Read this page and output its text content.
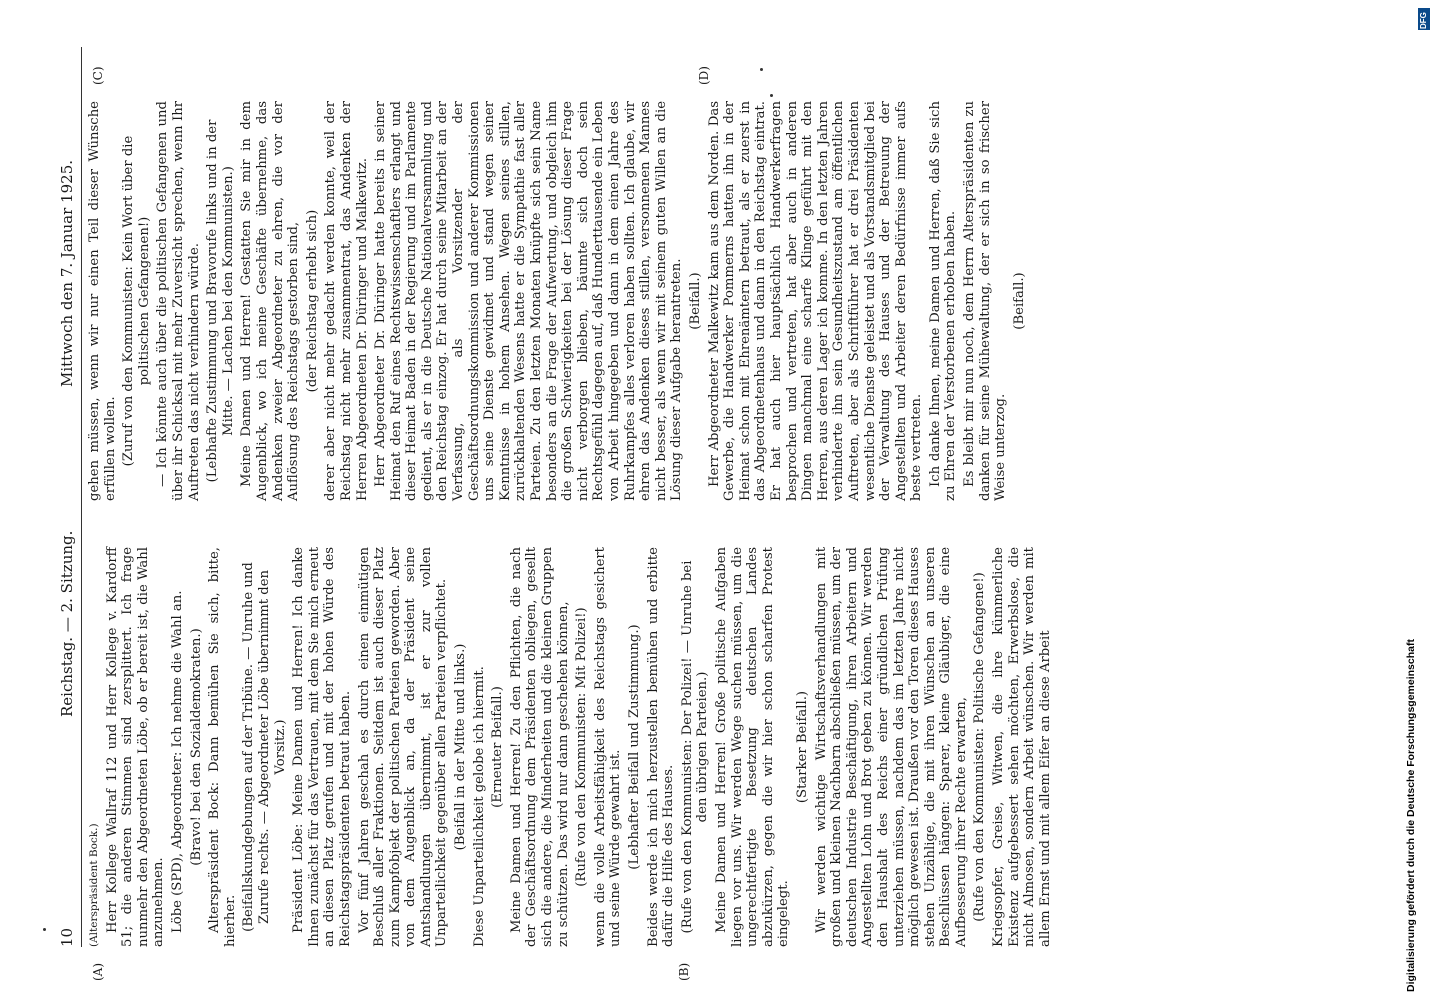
10
Reichstag. — 2. Sitzung.
Mittwoch den 7. Januar 1925.
(A)	(B)
(C)	(D)

(Alterspräsident Bock.) Herr Kollege Wallraf 112 und Herr Kollege v. Kardorff 51; die anderen Stimmen sind zersplittert. Ich frage nunmehr den Abgeordneten Löbe, ob er bereit ist, die Wahl anzunehmen. Löbe (SPD), Abgeordneter: Ich nehme die Wahl an. (Bravo! bei den Sozialdemokraten.) Alterspräsident Bock: Dann bemühen Sie sich, bitte, hierher. (Beifallskundgebungen auf der Tribüne. — Unruhe und Zurufe rechts. — Abgeordneter Löbe übernimmt den Vorsitz.) Präsident Löbe: Meine Damen und Herren! Ich danke Ihnen zunächst für das Vertrauen, mit dem Sie mich erneut an diesen Platz gerufen und mit der hohen Würde des Reichstagspräsidenten betraut haben. Vor fünf Jahren geschah es durch einen einmütigen Beschluß aller Fraktionen. Seitdem ist auch dieser Platz zum Kampfobjekt der politischen Parteien geworden. Aber von dem Augenblick an, da der Präsident seine Amtshandlungen übernimmt, ist er zur vollen Unparteilichkeit gegenüber allen Parteien verpflichtet. (Beifall in der Mitte und links.) Diese Unparteilichkeit gelobe ich hiermit. (Erneuter Beifall.) Meine Damen und Herren! Zu den Pflichten, die nach der Geschäftsordnung dem Präsidenten obliegen, gesellt sich die andere, die Minderheiten und die kleinen Gruppen zu schützen. Das wird nur dann geschehen können, (Rufe von den Kommunisten: Mit Polizei!) wenn die volle Arbeitsfähigkeit des Reichstags gesichert und seine Würde gewahrt ist. (Lebhafter Beifall und Zustimmung.) Beides werde ich mich herzustellen bemühen und erbitte dafür die Hilfe des Hauses. (Rufe von den Kommunisten: Der Polizei! — Unruhe bei den übrigen Parteien.) Meine Damen und Herren! Große politische Aufgaben liegen vor uns. Wir werden Wege suchen müssen, um die ungerechtfertigte Besetzung deutschen Landes abzukürzen, gegen die wir hier schon scharfen Protest eingelegt.

(Starker Beifall.) Wir werden wichtige Wirtschaftsverhandlungen mit großen und kleinen Nachbarn abschließen müssen, um der deutschen Industrie Beschäftigung, ihren Arbeitern und Angestellten Lohn und Brot geben zu können. Wir werden den Haushalt des Reichs einer gründlichen Prüfung unterziehen müssen, nachdem das im letzten Jahre nicht möglich gewesen ist. Draußen vor den Toren dieses Hauses stehen Unzählige, die mit ihren Wünschen an unseren Beschlüssen hängen: Sparer, kleine Gläubiger, die eine Aufbesserung ihrer Rechte erwarten, (Rufe von den Kommunisten: Politische Gefangene!) Kriegsopfer, Greise, Witwen, die ihre kümmerliche Existenz aufgebessert sehen möchten, Erwerbslose, die nicht Almosen, sondern Arbeit wünschen. Wir werden mit allem Ernst und mit allem Eifer an diese Arbeit

gehen müssen, wenn wir nur einen Teil dieser Wünsche erfüllen wollen. (Zuruf von den Kommunisten: Kein Wort über die politischen Gefangenen!) — Ich könnte auch über die politischen Gefangenen und über ihr Schicksal mit mehr Zuversicht sprechen, wenn Ihr Auftreten das nicht verhindern würde. (Lebhafte Zustimmung und Bravorufe links und in der Mitte. — Lachen bei den Kommunisten.) Meine Damen und Herren! Gestatten Sie mir in dem Augenblick, wo ich meine Geschäfte übernehme, das Andenken zweier Abgeordneter zu ehren, die vor der Auflösung des Reichstags gestorben sind, (der Reichstag erhebt sich) derer aber nicht mehr gedacht werden konnte, weil der Reichstag nicht mehr zusammentrat, das Andenken der Herren Abgeordneten Dr. Düringer und Malkewitz. Herr Abgeordneter Dr. Düringer hatte bereits in seiner Heimat den Ruf eines Rechtswissenschaftlers erlangt und dieser Heimat Baden in der Regierung und im Parlamente gedient, als er in die Deutsche Nationalversammlung und den Reichstag einzog. Er hat durch seine Mitarbeit an der Verfassung, als Vorsitzender der Geschäftsordnungskommission und anderer Kommissionen uns seine Dienste gewidmet und stand wegen seiner Kenntnisse in hohem Ansehen. Wegen seines stillen, zurückhaltenden Wesens hatte er die Sympathie fast aller Parteien. Zu den letzten Monaten knüpfte sich sein Name besonders an die Frage der Aufwertung, und obgleich ihm die großen Schwierigkeiten bei der Lösung dieser Frage nicht verborgen blieben, bäumte sich doch sein Rechtsgefühl dagegen auf, daß Hunderttausende ein Leben von Arbeit hingegeben und dann in dem einen Jahre des Ruhrkampfes alles verloren haben sollten. Ich glaube, wir ehren das Andenken dieses stillen, versonnenen Mannes nicht besser, als wenn wir mit seinem guten Willen an die Lösung dieser Aufgabe herantreten. (Beifall.) Herr Abgeordneter Malkewitz kam aus dem Norden. Das Gewerbe, die Handwerker Pommerns hatten ihn in der Heimat schon mit Ehrenämtern betraut, als er zuerst in das Abgeordnetenhaus und dann in den Reichstag eintrat. Er hat auch hier hauptsächlich Handwerkerfragen besprochen und vertreten, hat aber auch in anderen Dingen manchmal eine scharfe Klinge geführt mit den Herren, aus deren Lager ich komme. In den letzten Jahren verhinderte ihn sein Gesundheitszustand am öffentlichen Auftreten, aber als Schriftführer hat er drei Präsidenten wesentliche Dienste geleistet und als Vorstandsmitglied bei der Verwaltung des Hauses und der Betreuung der Angestellten und Arbeiter deren Bedürfnisse immer aufs beste vertreten. Ich danke Ihnen, meine Damen und Herren, daß Sie sich zu Ehren der Verstorbenen erhoben haben. Es bleibt mir nun noch, dem Herrn Alterspräsidenten zu danken für seine Mühewaltung, der er sich in so frischer Weise unterzog.

(Beifall.)

Digitalisierung gefördert durch die Deutsche Forschungsgemeinschaft
DFG
